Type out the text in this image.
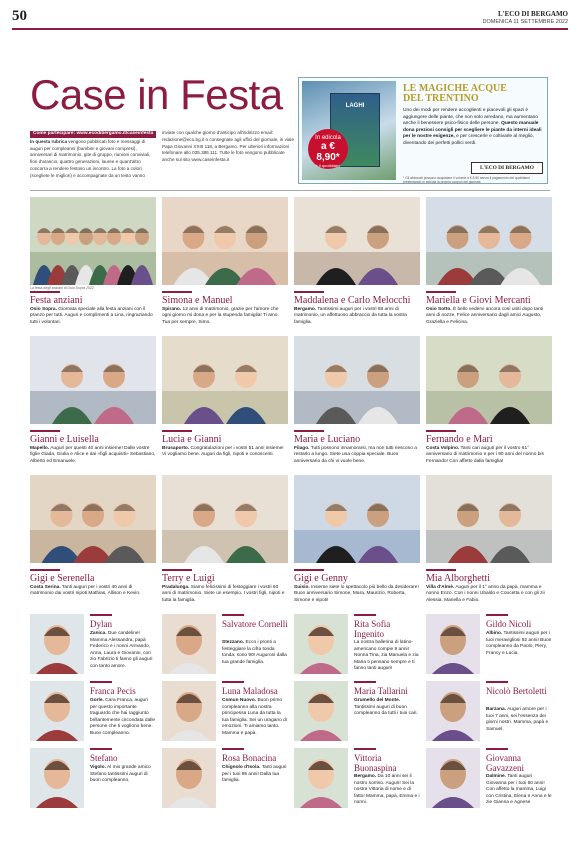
50	L'ECO DI BERGAMO
DOMENICA 11 SETTEMBRE 2022
Case in Festa
Come partecipare: www.ecodibergamo.it/caseinfesta
In questa rubrica vengono pubblicati foto e messaggi di auguri per compleanni (bambini e giovani compresi), anniversari di matrimonio, gite di gruppo, riunioni conviviali, fiori d'arancio, quattro generazioni, lauree e quant'altro concorra a rendere festoso un incontro. La foto a colori (scegliete le migliori) e accompagnate da un testo vanno
inviate con qualche giorno d'anticipo all'indirizzo email: redazione@eco.bg.it o consegnate agli uffici del giornale, in viale Papa Giovanni XXIII 118, a Bergamo. Per ulteriori informazioni telefonare allo 035.386.111. Tutte le foto vengono pubblicate anche sul sito www.caseinfesta.it
LAGHI
In edicola
a € 8,90*
+ il quotidiano
LE MAGICHE ACQUE
DEL TRENTINO
Uno dei modi per rendere accoglienti e piacevoli gli spazi è aggiungere delle piante, che non solo arredano, ma aumentano anche il benessere psico-fisico delle persone. Questo manuale dona preziosi consigli per scegliere le piante da interni ideali per le nostre esigenze, e per crescerle e coltivarle al meglio, diventando dei perfetti pollici verdi.
L'ECO DI BERGAMO
* Gli abbonati possono acquistare il volume a € 8,90 senza il pagamento del quotidiano presentando in edicola la propria coupon del giornale.
La festa degli anziani di Osio Sopra 2022
Festa anziani
Osio Sopra. Giornata speciale alla festa anziani con il pranzo per tutti. Auguri e complimenti a Lina, ringraziando tutti i volontari.
Simona e Manuel
Spirano. 12 anni di matrimonio, grazie per l'amore che ogni giorno mi dona e per la stupenda famiglia! Ti amo. Tua per sempre, Simo.
Maddalena e Carlo Melocchi
Bergamo. Tantissimi auguri per i vostri 68 anni di matrimonio, un affettuoso abbraccio da tutta la vostra famiglia.
Mariella e Giovi Mercanti
Osio Sotto. È bello vedervi ancora così uniti dopo tanti anni di nozze. Felice anniversario dagli amici Augusto, Graziella e Felicina.
Gianni e Luisella
Mapello. Auguri per questi 40 anni insieme! Dalle vostre figlie Giada, Giulia e Alice e dai «figli acquisiti» Sebastiano, Alberto ed Emanuele.
Lucia e Gianni
Brusaporto. Congratulazioni per i vostri 51 anni insieme! Vi vogliamo bene. Auguri da figli, nipoti e conoscenti.
Maria e Luciano
Filago. Tutti possono innamorarsi, ma non tutti riescono a restarlo a lungo. Siete una coppia speciale. Buon anniversario da chi vi vuole bene.
Fernando e Marì
Costa Volpino. Tanti cari auguri per il vostro 61° anniversario di matrimonio e per i 90 anni del nonno bis Fernando! Con affetto dalla famiglia!
Gigi e Serenella
Costa Serina. Tanti auguri per i vostri 40 anni di matrimonio dai vostri nipoti Mathias, Allison e Kevin.
Terry e Luigi
Pradalunga. Siamo felicissimi di festeggiare i vostri 60 anni di matrimonio. Siete un esempio. I vostri figli, nipoti e tutta la famiglia.
Gigi e Genny
Suisio. Insieme siete lo spettacolo più bello da desiderare! Buon anniversario Simone, Mara, Maurizio, Roberta, Simone e nipoti!
Mia Alborghetti
Villa d'Almè. Auguri per il 1° anno da papà, mamma e nonno Enzo. Con i nonni Ubaldo e Concetta e con gli zii Alessia, Mariella e Fabio.
Dylan
Zanica. Due candeline! Mamma Alessandra, papà Federico e i nonni Armando, Anna, Laura e Giovanni, con zio Fabrizio ti fanno gli auguri con tanto amore.
Salvatore Cornelli
Stezzano. Ecco i pronti a festeggiare la cifra tonda tonda: sono 90! Auguroni dalla tua grande famiglia.
Rita Sofia Ingenito
La nostra ballerina di latino-americano compie 9 anni! Nonna Tina, zia Manuela e zia Maria ti pensano sempre e ti fanno tanti auguri!
Gildo Nicoli
Albino. Tantissimi auguri per i tuoi meravigliosi 92 anni! Buon compleanno da Paolo, Piery, Francy e Lucia.
Franca Pecis
Gorle. Cara Franca, auguri per questo importante traguardo che hai raggiunto brillantemente circondata dalle persone che ti vogliono bene. Buon compleanno.
Luna Maladosa
Comun Nuovo. Buon primo compleanno alla nostra principessa Luna da tutta la tua famiglia. Sei un uragano di emozioni. Ti amiamo tanto. Mamma e papà.
Maria Tallarini
Grumello del Monte. Tantissimi auguri di buon compleanno da tutti i tuoi cari.
Nicolò Bertoletti
Barzana. Auguri amore per i tuoi 7 anni, sei l'essenza dei giorni nostri. Mamma, papà e Samuel.
Stefano
Vigolo. Al mio grande amico Stefano tantissimi auguri di buon compleanno.
Rosa Bonacina
Chignolo d'Isola. Tanti auguri per i tuoi 95 anni! Dalla tua famiglia.
Vittoria Buonaspina
Bergamo. Da 10 anni sei il nostro sorriso. Auguri! Sei la nostra Vittoria di nome e di fatto! Mamma, papà, Emma e i nonni.
Giovanna Gavazzeni
Dalmine. Tanti auguri Giovanna per i tuoi 60 anni! Con affetto la mamma, Luigi con Cristina, Elena e Anna e le zie Gianna e Agnese.
